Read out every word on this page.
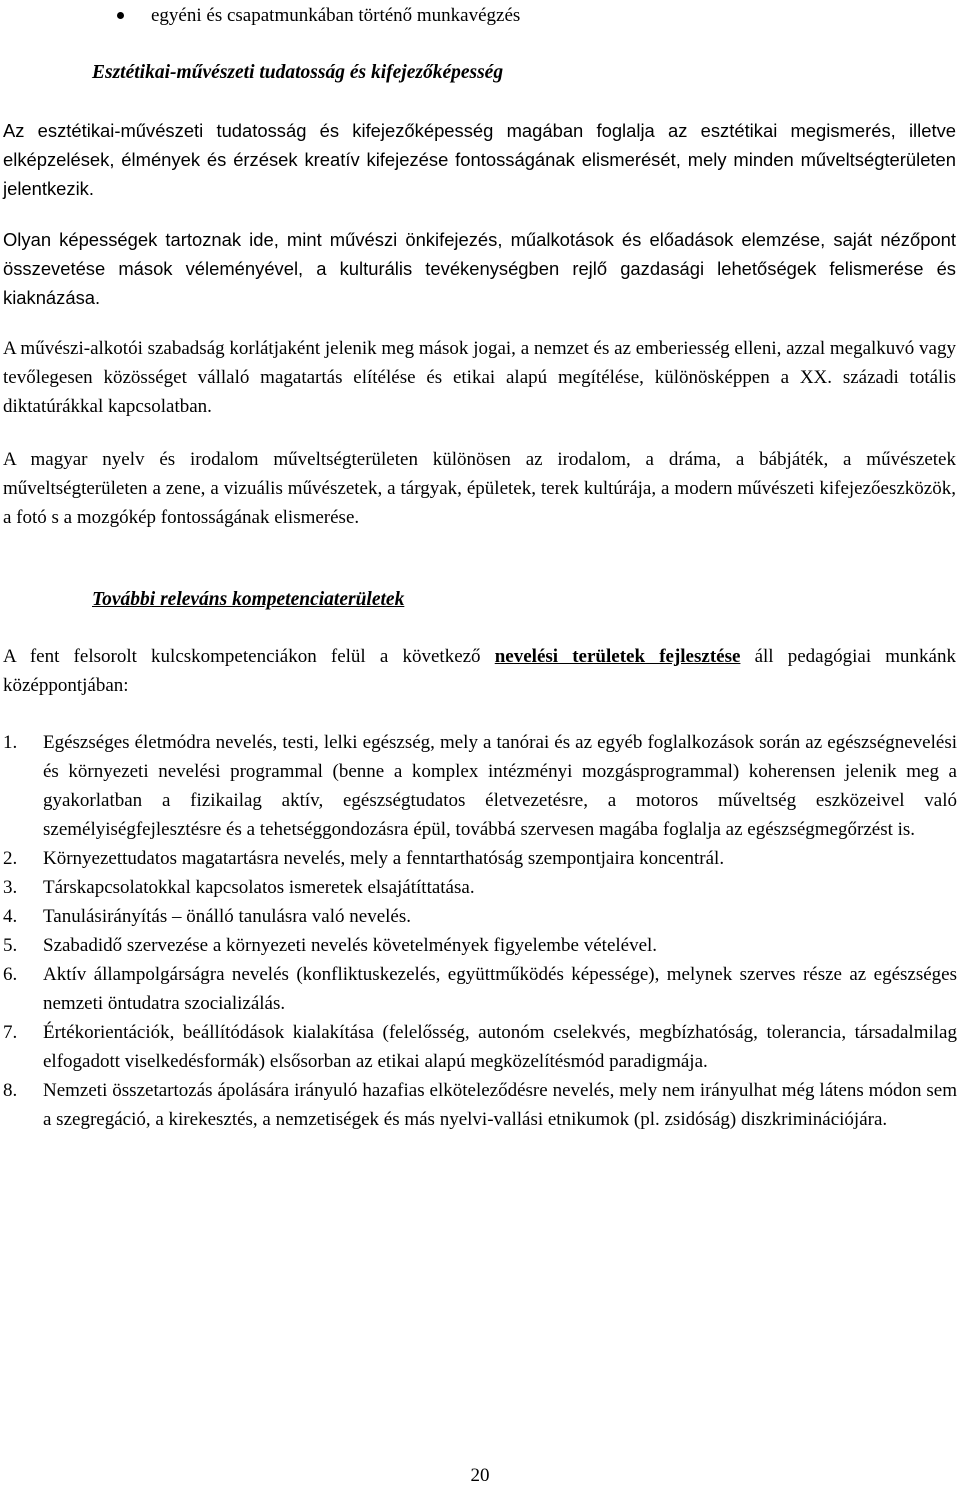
egyéni és csapatmunkában történő munkavégzés

Esztétikai-művészeti tudatosság és kifejezőképesség

Az esztétikai-művészeti tudatosság és kifejezőképesség magában foglalja az esztétikai megismerés, illetve elképzelések, élmények és érzések kreatív kifejezése fontosságának elismerését, mely minden műveltségterületen jelentkezik.

Olyan képességek tartoznak ide, mint művészi önkifejezés, műalkotások és előadások elemzése, saját nézőpont összevetése mások véleményével, a kulturális tevékenységben rejlő gazdasági lehetőségek felismerése és kiaknázása.

A művészi-alkotói szabadság korlátjaként jelenik meg mások jogai, a nemzet és az emberiesség elleni, azzal megalkuvó vagy tevőlegesen közösséget vállaló magatartás elítélése és etikai alapú megítélése, különösképpen a XX. századi totális diktatúrákkal kapcsolatban.

A magyar nyelv és irodalom műveltségterületen különösen az irodalom, a dráma, a bábjáték, a művészetek műveltségterületen a zene, a vizuális művészetek, a tárgyak, épületek, terek kultúrája, a modern művészeti kifejezőeszközök, a fotó s a mozgókép fontosságának elismerése.

További releváns kompetenciaterületek

A fent felsorolt kulcskompetenciákon felül a következő nevelési területek fejlesztése áll pedagógiai munkánk középpontjában:

1. Egészséges életmódra nevelés, testi, lelki egészség, mely a tanórai és az egyéb foglalkozások során az egészségnevelési és környezeti nevelési programmal (benne a komplex intézményi mozgásprogrammal) koherensen jelenik meg a gyakorlatban a fizikailag aktív, egészségtudatos életvezetésre, a motoros műveltség eszközeivel való személyiségfejlesztésre és a tehetséggondozásra épül, továbbá szervesen magába foglalja az egészségmegőrzést is.
2. Környezettudatos magatartásra nevelés, mely a fenntarthatóság szempontjaira koncentrál.
3. Társkapcsolatokkal kapcsolatos ismeretek elsajátíttatása.
4. Tanulásirányítás – önálló tanulásra való nevelés.
5. Szabadidő szervezése a környezeti nevelés követelmények figyelembe vételével.
6. Aktív állampolgárságra nevelés (konfliktuskezelés, együttműködés képessége), melynek szerves része az egészséges nemzeti öntudatra szocializálás.
7. Értékorientációk, beállítódások kialakítása (felelősség, autonóm cselekvés, megbízhatóság, tolerancia, társadalmilag elfogadott viselkedésformák) elsősorban az etikai alapú megközelítésmód paradigmája.
8. Nemzeti összetartozás ápolására irányuló hazafias elköteleződésre nevelés, mely nem irányulhat még látens módon sem a szegregáció, a kirekesztés, a nemzetiségek és más nyelvi-vallási etnikumok (pl. zsidóság) diszkriminációjára.
20
